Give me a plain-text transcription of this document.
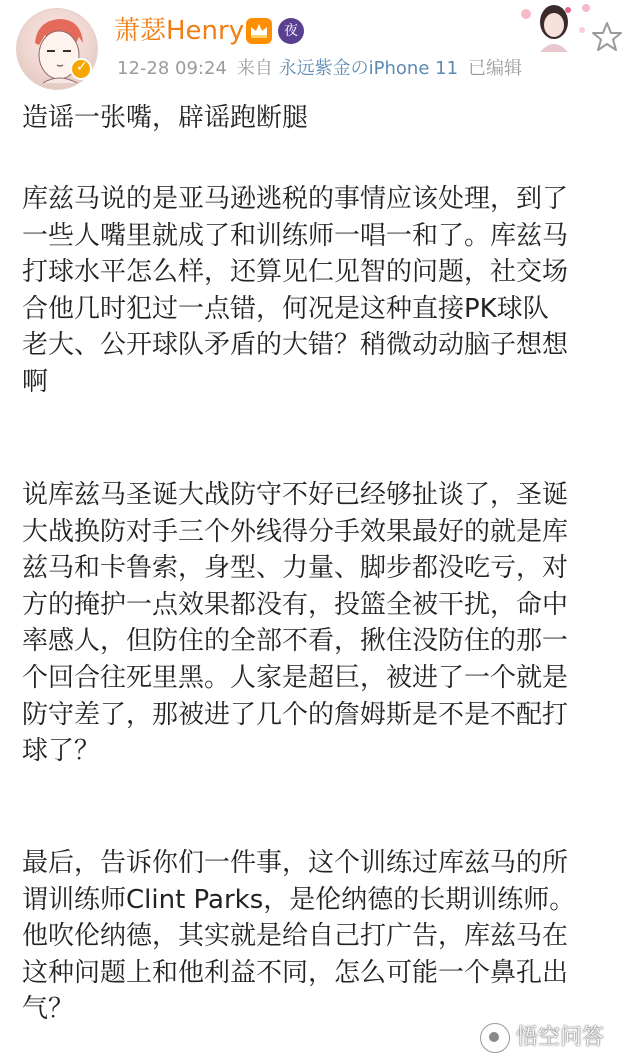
✓
萧瑟Henry	夜
12-28 09:24 来自 永远紫金のiPhone 11 已编辑

造谣一张嘴，辟谣跑断腿

库兹马说的是亚马逊逃税的事情应该处理，到了
一些人嘴里就成了和训练师一唱一和了。库兹马
打球水平怎么样，还算见仁见智的问题，社交场
合他几时犯过一点错，何况是这种直接PK球队
老大、公开球队矛盾的大错？稍微动动脑子想想
啊

说库兹马圣诞大战防守不好已经够扯谈了，圣诞
大战换防对手三个外线得分手效果最好的就是库
兹马和卡鲁索，身型、力量、脚步都没吃亏，对
方的掩护一点效果都没有，投篮全被干扰，命中
率感人，但防住的全部不看，揪住没防住的那一
个回合往死里黑。人家是超巨，被进了一个就是
防守差了，那被进了几个的詹姆斯是不是不配打
球了？

最后，告诉你们一件事，这个训练过库兹马的所
谓训练师Clint Parks，是伦纳德的长期训练师。
他吹伦纳德，其实就是给自己打广告，库兹马在
这种问题上和他利益不同，怎么可能一个鼻孔出
气？

悟空问答
